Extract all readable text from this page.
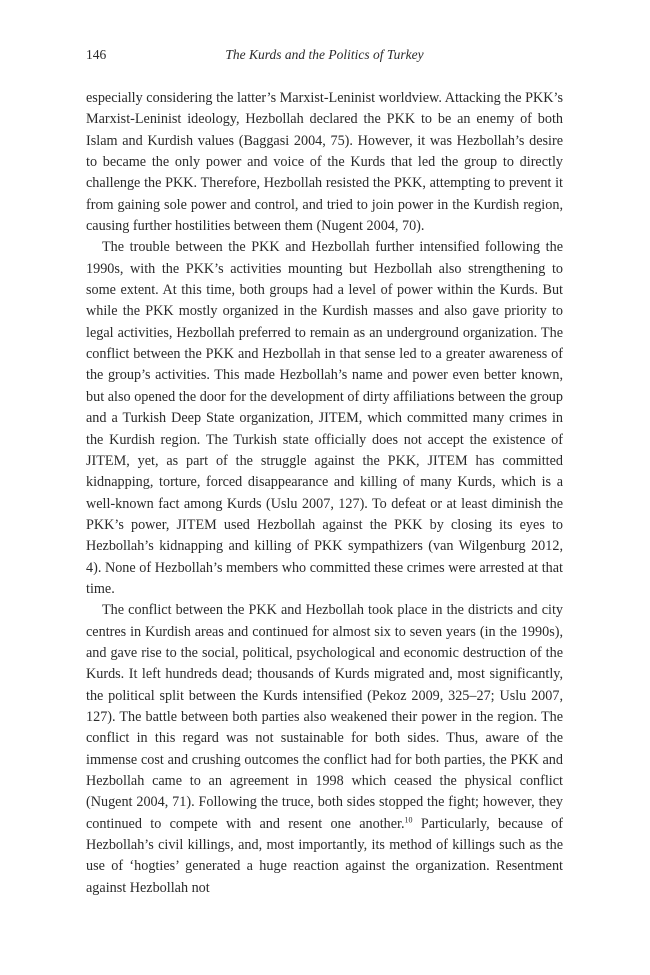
146	The Kurds and the Politics of Turkey

especially considering the latter’s Marxist-Leninist worldview. Attacking the PKK’s Marxist-Leninist ideology, Hezbollah declared the PKK to be an enemy of both Islam and Kurdish values (Baggasi 2004, 75). However, it was Hezbollah’s desire to became the only power and voice of the Kurds that led the group to directly challenge the PKK. Therefore, Hezbollah resisted the PKK, attempting to prevent it from gaining sole power and control, and tried to join power in the Kurdish region, causing further hostilities between them (Nugent 2004, 70).

The trouble between the PKK and Hezbollah further intensified following the 1990s, with the PKK’s activities mounting but Hezbollah also strengthening to some extent. At this time, both groups had a level of power within the Kurds. But while the PKK mostly organized in the Kurdish masses and also gave priority to legal activities, Hezbollah preferred to remain as an underground organization. The conflict between the PKK and Hezbollah in that sense led to a greater awareness of the group’s activities. This made Hezbollah’s name and power even better known, but also opened the door for the development of dirty affiliations between the group and a Turkish Deep State organization, JITEM, which committed many crimes in the Kurdish region. The Turkish state officially does not accept the existence of JITEM, yet, as part of the struggle against the PKK, JITEM has committed kidnapping, torture, forced disappearance and killing of many Kurds, which is a well-known fact among Kurds (Uslu 2007, 127). To defeat or at least diminish the PKK’s power, JITEM used Hezbollah against the PKK by closing its eyes to Hezbollah’s kidnapping and killing of PKK sympathizers (van Wilgenburg 2012, 4). None of Hezbollah’s members who committed these crimes were arrested at that time.

The conflict between the PKK and Hezbollah took place in the districts and city centres in Kurdish areas and continued for almost six to seven years (in the 1990s), and gave rise to the social, political, psychological and economic destruction of the Kurds. It left hundreds dead; thousands of Kurds migrated and, most significantly, the political split between the Kurds intensified (Pekoz 2009, 325–27; Uslu 2007, 127). The battle between both parties also weakened their power in the region. The conflict in this regard was not sustainable for both sides. Thus, aware of the immense cost and crushing outcomes the conflict had for both parties, the PKK and Hezbollah came to an agreement in 1998 which ceased the physical conflict (Nugent 2004, 71). Following the truce, both sides stopped the fight; however, they continued to compete with and resent one another.$^{10}$ Particularly, because of Hezbollah’s civil killings, and, most importantly, its method of killings such as the use of ‘hogties’ generated a huge reaction against the organization. Resentment against Hezbollah not
